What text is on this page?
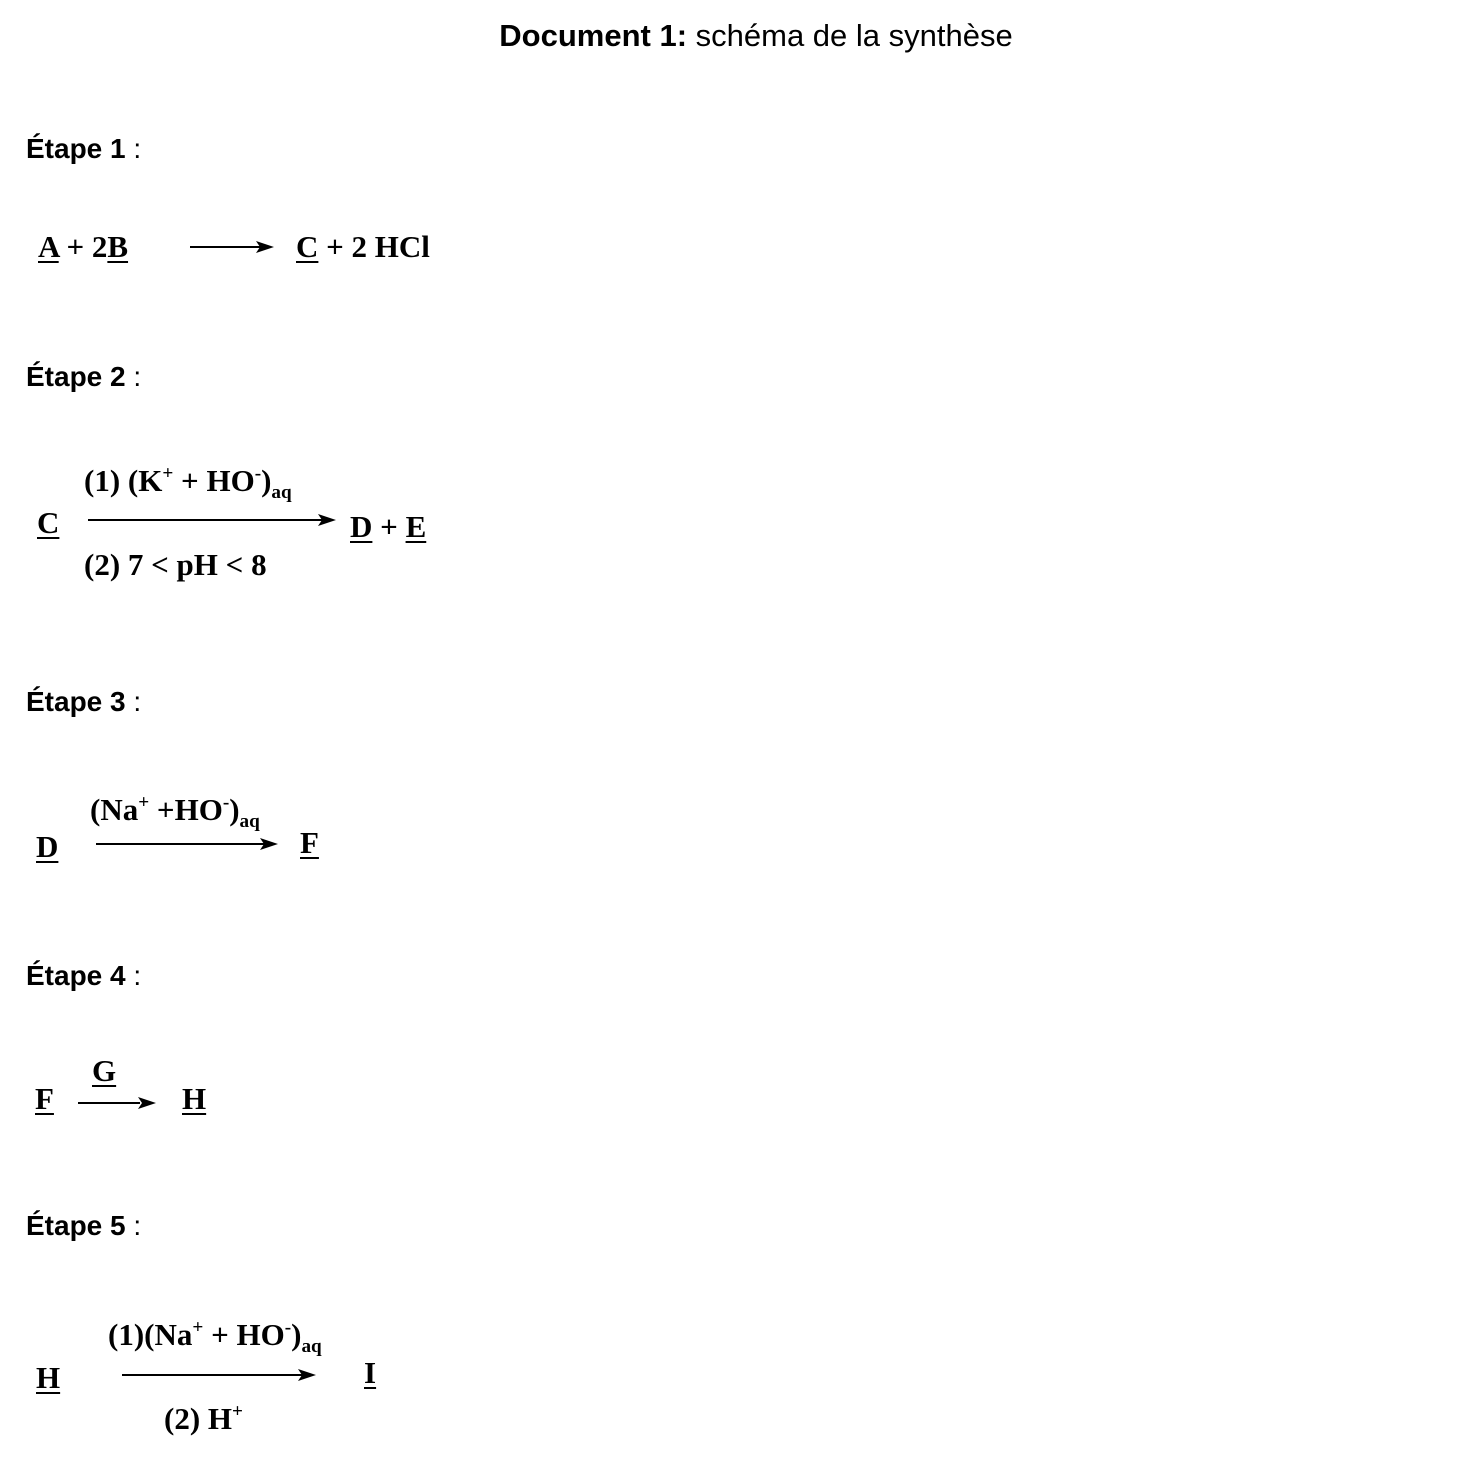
Document 1: schéma de la synthèse
Étape 1 :
Étape 2 :
Étape 3 :
Étape 4 :
Étape 5 :
A + 2B	C + 2 HCl
C
(1) $(K^+ + HO^-)_{aq}$
(2) 7 < pH < 8
D + E
D
$(Na^+ +HO^-)_{aq}$
F
F
G
H
H
$(1)(Na^+ + HO^-)_{aq}$
(2) H+
I
